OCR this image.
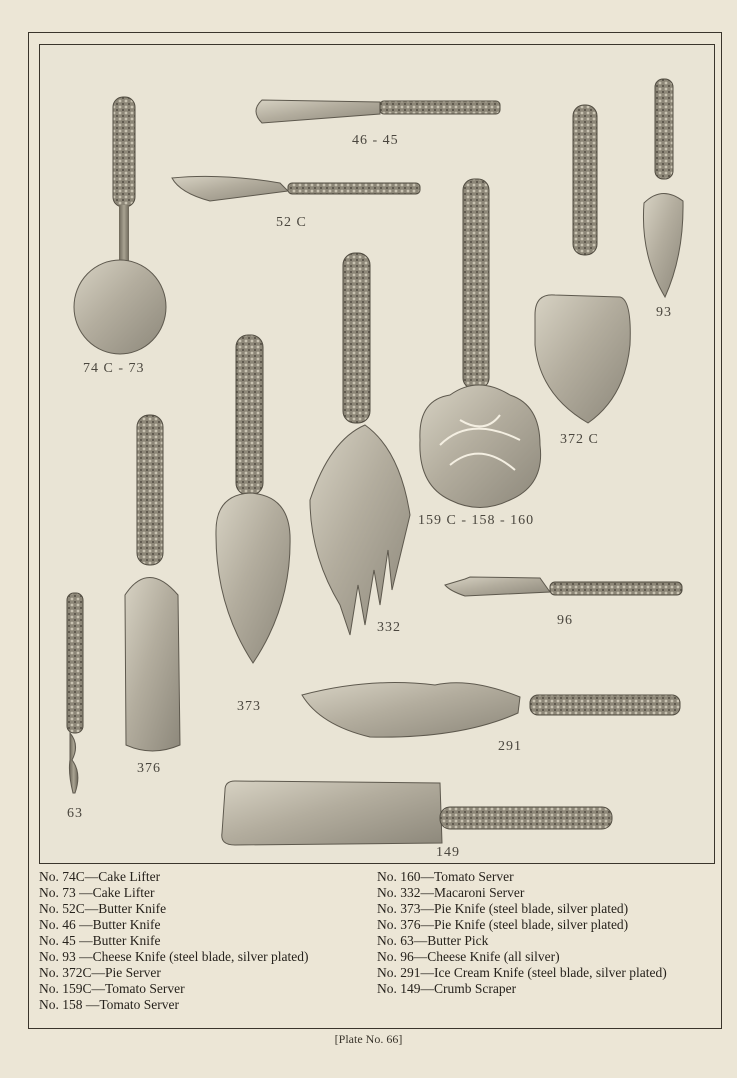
46 - 45
52 C
74 C - 73
93
372 C
159 C - 158 - 160
332	96
373
376
291
63
149
No. 74C—Cake Lifter
No. 73 —Cake Lifter
No. 52C—Butter Knife
No. 46 —Butter Knife
No. 45 —Butter Knife
No. 93 —Cheese Knife (steel blade, silver plated)
No. 372C—Pie Server
No. 159C—Tomato Server
No. 158 —Tomato Server
No. 160—Tomato Server
No. 332—Macaroni Server
No. 373—Pie Knife (steel blade, silver plated)
No. 376—Pie Knife (steel blade, silver plated)
No. 63—Butter Pick
No. 96—Cheese Knife (all silver)
No. 291—Ice Cream Knife (steel blade, silver plated)
No. 149—Crumb Scraper
[Plate No. 66]
